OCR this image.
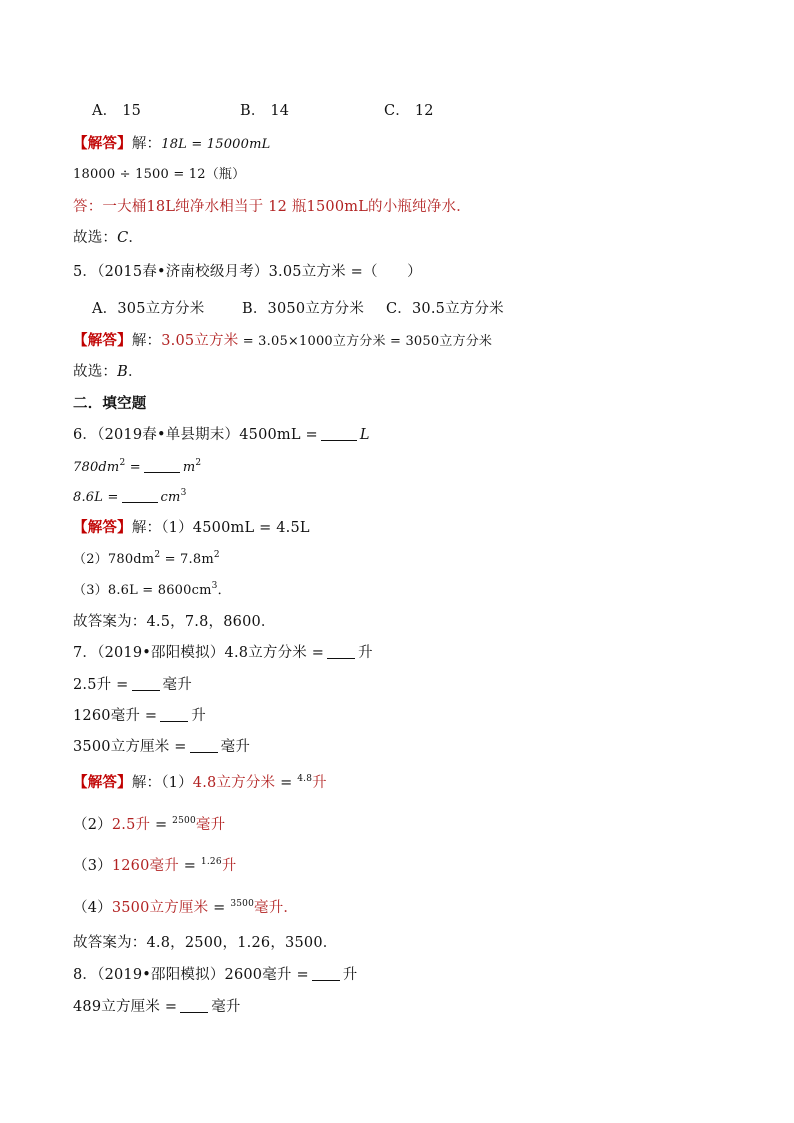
A． 15	B． 14	C． 12
【解答】解：18L = 15000mL
18000 ÷ 1500 = 12（瓶）
答：一大桶18L纯净水相当于 12 瓶1500mL的小瓶纯净水．
故选：C．
5．（2015春•济南校级月考）3.05立方米 =（　　）
A．305立方分米	B．3050立方分米 C．30.5立方分米
【解答】解：3.05立方米 = 3.05×1000立方分米 = 3050立方分米
故选：B．
二．填空题
6．（2019春•单县期末）4500mL =	L
$780dm^2$ =	$m^2$
8.6L =	$cm^3$
【解答】解：（1）4500mL = 4.5L
$(2)780dm^2 = 7.8m^2$
$(3)8.6L = 8600cm^3$．
故答案为：4.5，7.8，8600．
7．（2019•邵阳模拟）4.8立方分米 = 升
2.5升 = 毫升
1260毫升 = 升
3500立方厘米 = 毫升
【解答】解：（1）4.8立方分米 = $^{4.8}$升
（2）2.5升 = $^{2500}$毫升
（3）1260毫升 = $^{1.26}$升
（4）3500立方厘米 = $^{3500}$毫升．
故答案为：4.8，2500，1.26，3500．
8．（2019•邵阳模拟）2600毫升 = 升
489立方厘米 = 毫升
